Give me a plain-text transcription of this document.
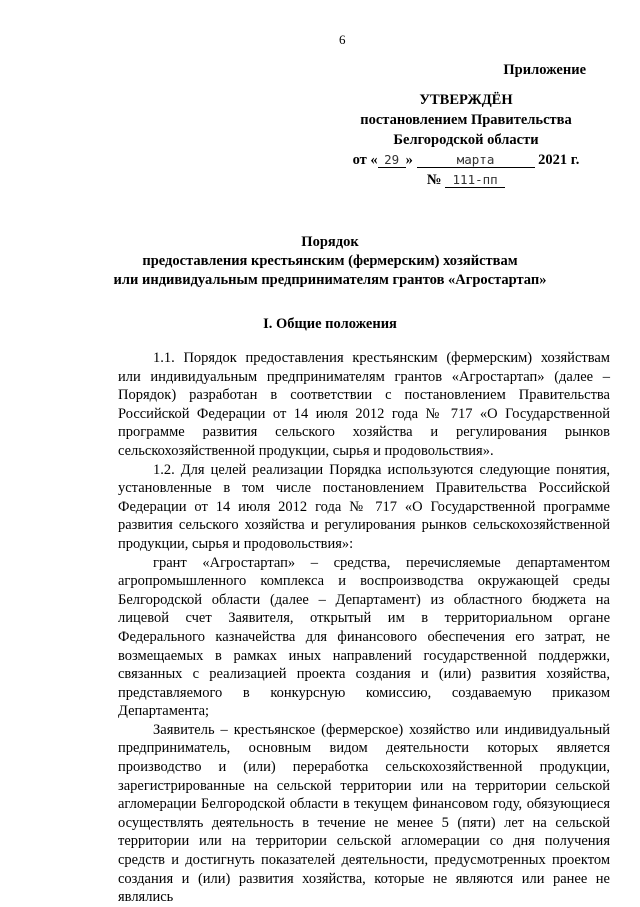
6
Приложение
УТВЕРЖДЁН
постановлением Правительства
Белгородской области
от « 29 »	марта	2021 г.
№ 111-пп
Порядок
предоставления крестьянским (фермерским) хозяйствам
или индивидуальным предпринимателям грантов «Агростартап»
I. Общие положения

1.1. Порядок предоставления крестьянским (фермерским) хозяйствам или индивидуальным предпринимателям грантов «Агростартап» (далее – Порядок) разработан в соответствии с постановлением Правительства Российской Федерации от 14 июля 2012 года № 717 «О Государственной программе развития сельского хозяйства и регулирования рынков сельскохозяйственной продукции, сырья и продовольствия».

1.2. Для целей реализации Порядка используются следующие понятия, установленные в том числе постановлением Правительства Российской Федерации от 14 июля 2012 года № 717 «О Государственной программе развития сельского хозяйства и регулирования рынков сельскохозяйственной продукции, сырья и продовольствия»:

грант «Агростартап» – средства, перечисляемые департаментом агропромышленного комплекса и воспроизводства окружающей среды Белгородской области (далее – Департамент) из областного бюджета на лицевой счет Заявителя, открытый им в территориальном органе Федерального казначейства для финансового обеспечения его затрат, не возмещаемых в рамках иных направлений государственной поддержки, связанных с реализацией проекта создания и (или) развития хозяйства, представляемого в конкурсную комиссию, создаваемую приказом Департамента;

Заявитель – крестьянское (фермерское) хозяйство или индивидуальный предприниматель, основным видом деятельности которых является производство и (или) переработка сельскохозяйственной продукции, зарегистрированные на сельской территории или на территории сельской агломерации Белгородской области в текущем финансовом году, обязующиеся осуществлять деятельность в течение не менее 5 (пяти) лет на сельской территории или на территории сельской агломерации со дня получения средств и достигнуть показателей деятельности, предусмотренных проектом создания и (или) развития хозяйства, которые не являются или ранее не являлись
